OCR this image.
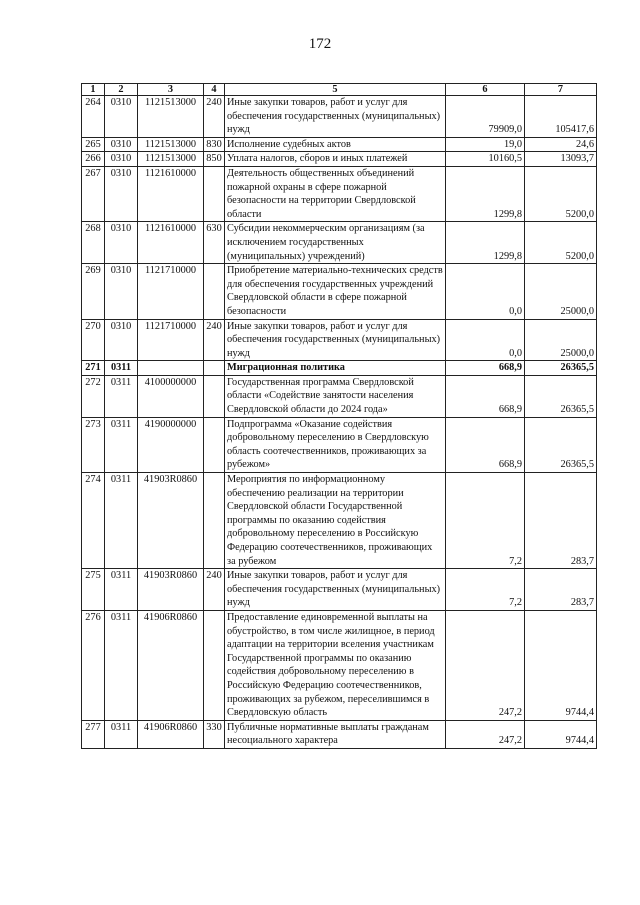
172
1	2	3	4	5	6	7
264	0310	1121513000	240	Иные закупки товаров, работ и услуг для обеспечения государственных (муниципальных) нужд	79909,0	105417,6
265	0310	1121513000	830	Исполнение судебных актов	19,0	24,6
266	0310	1121513000	850	Уплата налогов, сборов и иных платежей	10160,5	13093,7
267	0310	1121610000		Деятельность общественных объединений пожарной охраны в сфере пожарной безопасности на территории Свердловской области	1299,8	5200,0
268	0310	1121610000	630	Субсидии некоммерческим организациям (за исключением государственных (муниципальных) учреждений)	1299,8	5200,0
269	0310	1121710000		Приобретение материально-технических средств для обеспечения государственных учреждений Свердловской области в сфере пожарной безопасности	0,0	25000,0
270	0310	1121710000	240	Иные закупки товаров, работ и услуг для обеспечения государственных (муниципальных) нужд	0,0	25000,0
271	0311			Миграционная политика	668,9	26365,5
272	0311	4100000000		Государственная программа Свердловской области «Содействие занятости населения Свердловской области до 2024 года»	668,9	26365,5
273	0311	4190000000		Подпрограмма «Оказание содействия добровольному переселению в Свердловскую область соотечественников, проживающих за рубежом»	668,9	26365,5
274	0311	41903R0860		Мероприятия по информационному обеспечению реализации на территории Свердловской области Государственной программы по оказанию содействия добровольному переселению в Российскую Федерацию соотечественников, проживающих за рубежом	7,2	283,7
275	0311	41903R0860	240	Иные закупки товаров, работ и услуг для обеспечения государственных (муниципальных) нужд	7,2	283,7
276	0311	41906R0860		Предоставление единовременной выплаты на обустройство, в том числе жилищное, в период адаптации на территории вселения участникам Государственной программы по оказанию содействия добровольному переселению в Российскую Федерацию соотечественников, проживающих за рубежом, переселившимся в Свердловскую область	247,2	9744,4
277	0311	41906R0860	330	Публичные нормативные выплаты гражданам несоциального характера	247,2	9744,4
